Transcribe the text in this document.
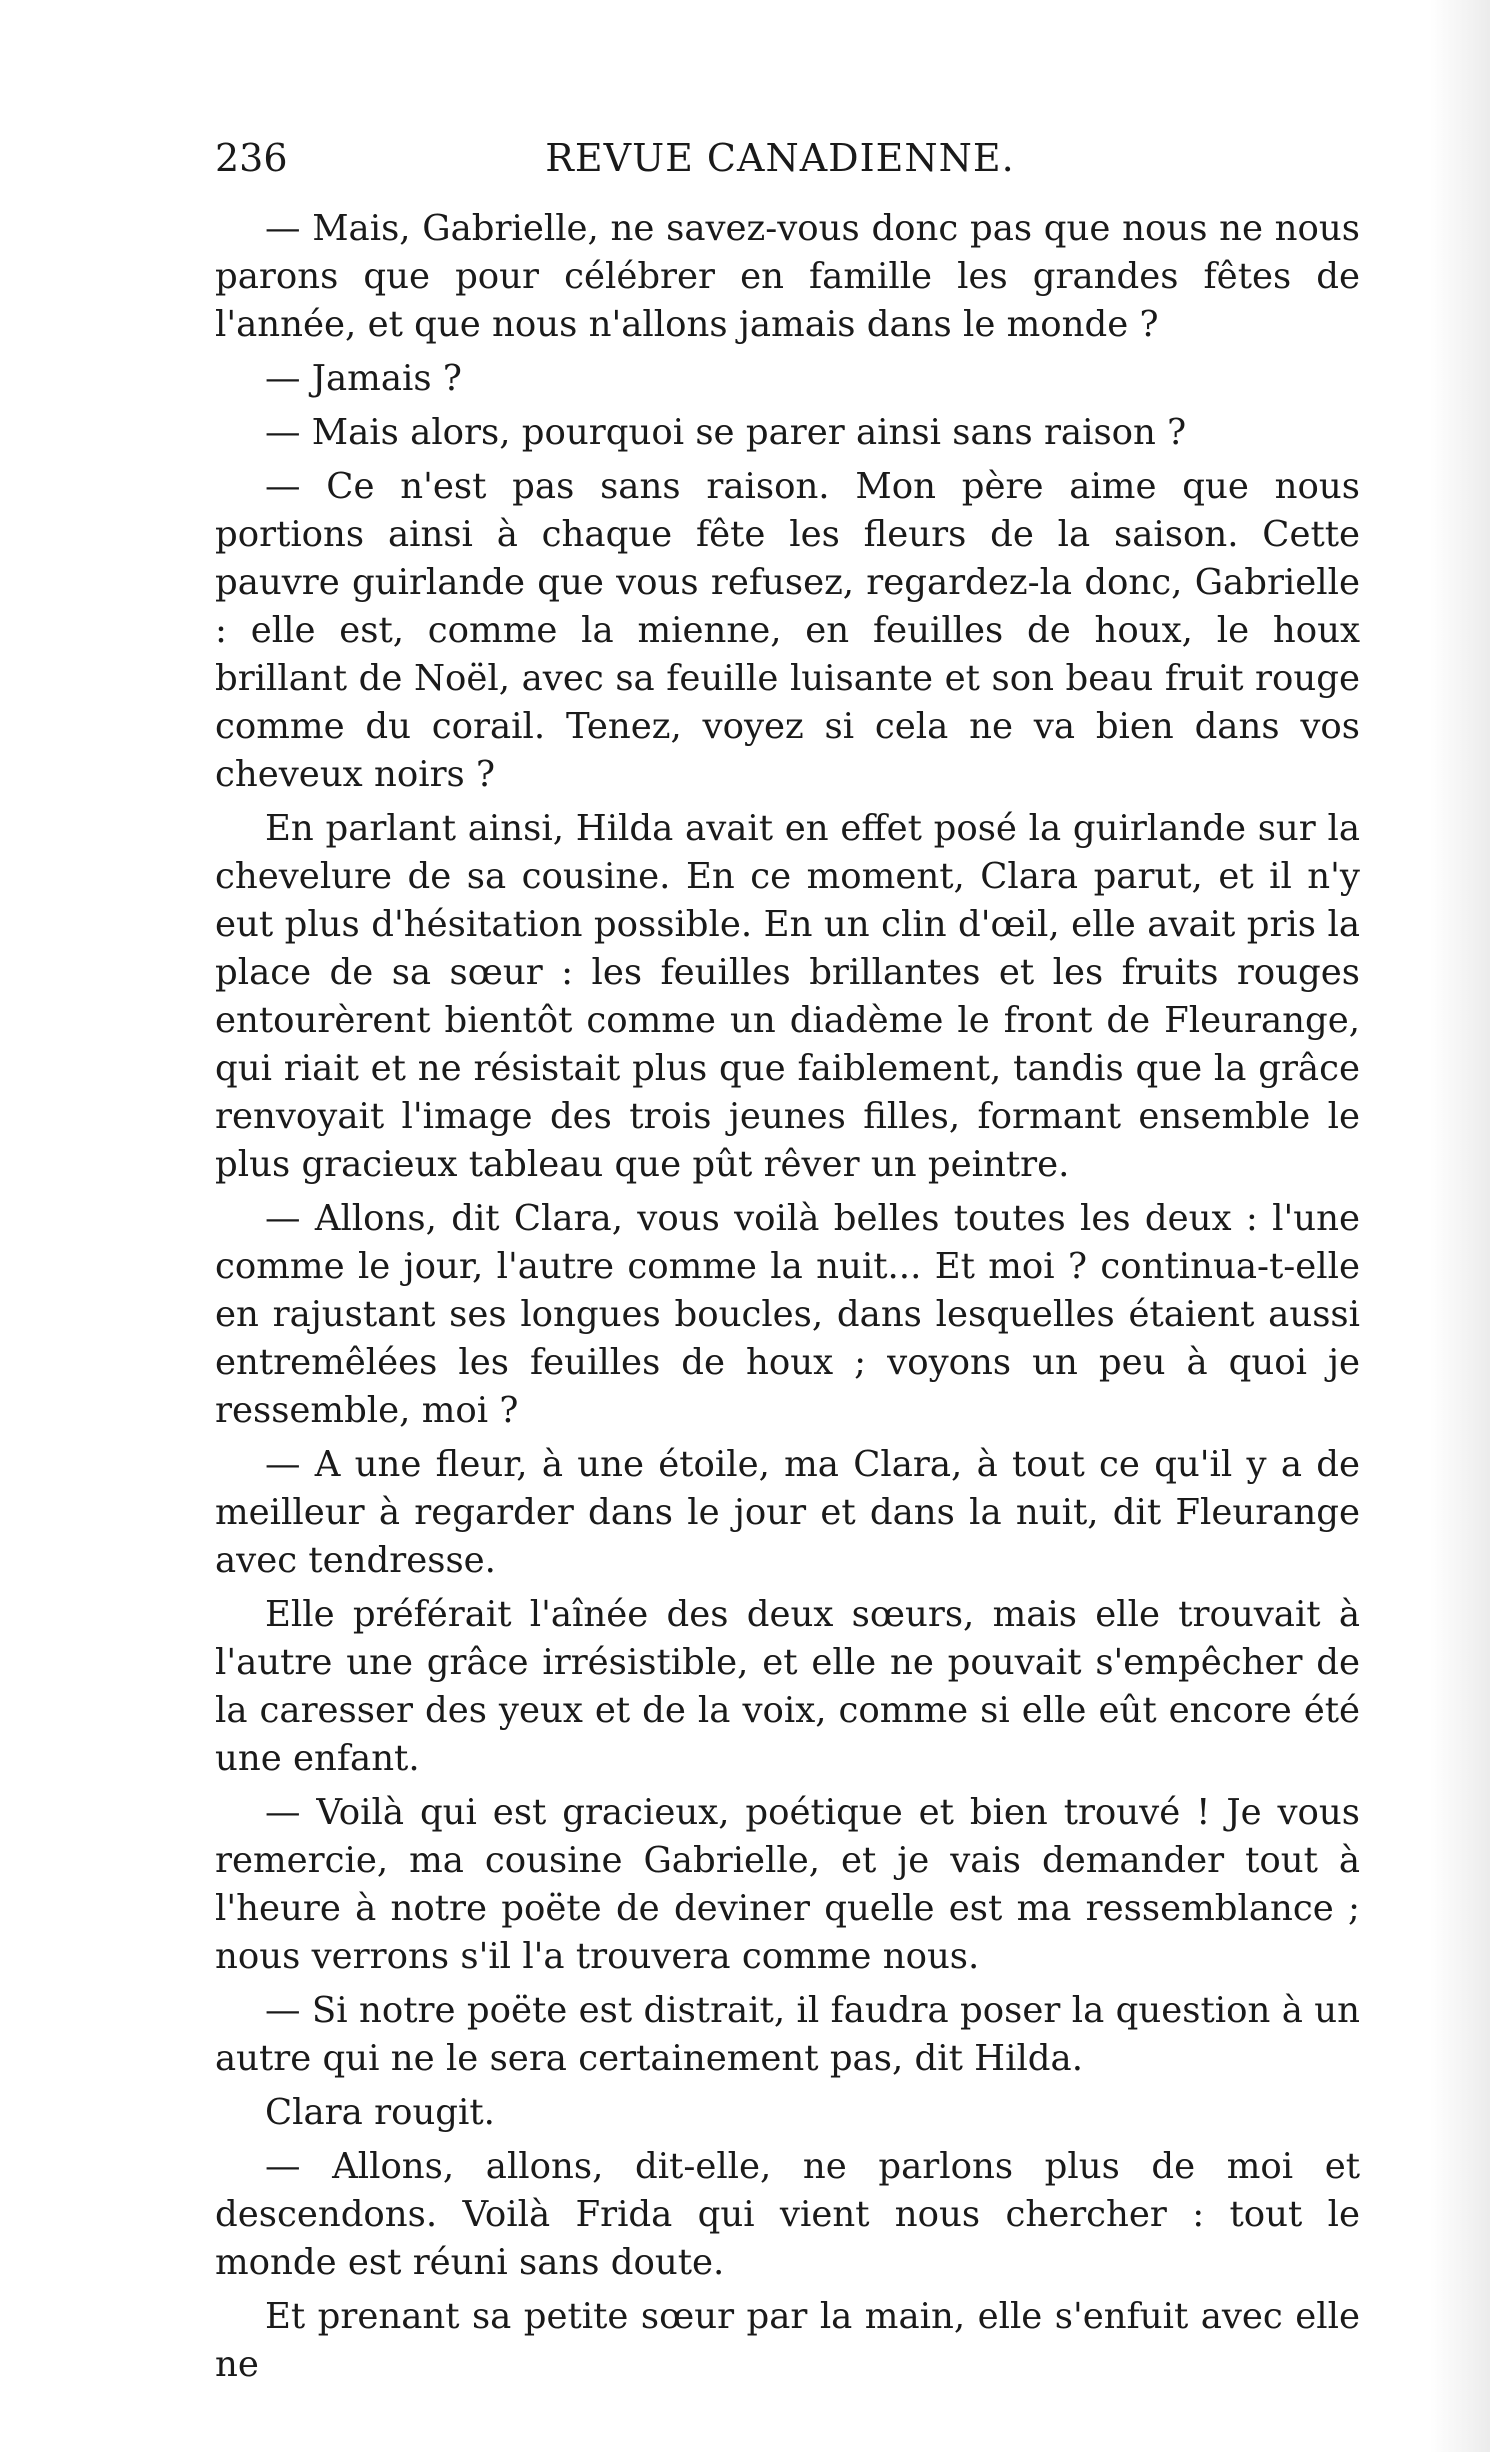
236	REVUE CANADIENNE.

— Mais, Gabrielle, ne savez-vous donc pas que nous ne nous parons que pour célébrer en famille les grandes fêtes de l'année, et que nous n'allons jamais dans le monde ?

— Jamais ?

— Mais alors, pourquoi se parer ainsi sans raison ?

— Ce n'est pas sans raison. Mon père aime que nous portions ainsi à chaque fête les fleurs de la saison. Cette pauvre guirlande que vous refusez, regardez-la donc, Gabrielle : elle est, comme la mienne, en feuilles de houx, le houx brillant de Noël, avec sa feuille luisante et son beau fruit rouge comme du corail. Tenez, voyez si cela ne va bien dans vos cheveux noirs ?

En parlant ainsi, Hilda avait en effet posé la guirlande sur la chevelure de sa cousine. En ce moment, Clara parut, et il n'y eut plus d'hésitation possible. En un clin d'œil, elle avait pris la place de sa sœur : les feuilles brillantes et les fruits rouges entourèrent bientôt comme un diadème le front de Fleurange, qui riait et ne résistait plus que faiblement, tandis que la grâce renvoyait l'image des trois jeunes filles, formant ensemble le plus gracieux tableau que pût rêver un peintre.

— Allons, dit Clara, vous voilà belles toutes les deux : l'une comme le jour, l'autre comme la nuit... Et moi ? continua-t-elle en rajustant ses longues boucles, dans lesquelles étaient aussi entremêlées les feuilles de houx ; voyons un peu à quoi je ressemble, moi ?

— A une fleur, à une étoile, ma Clara, à tout ce qu'il y a de meilleur à regarder dans le jour et dans la nuit, dit Fleurange avec tendresse.

Elle préférait l'aînée des deux sœurs, mais elle trouvait à l'autre une grâce irrésistible, et elle ne pouvait s'empêcher de la caresser des yeux et de la voix, comme si elle eût encore été une enfant.

— Voilà qui est gracieux, poétique et bien trouvé ! Je vous remercie, ma cousine Gabrielle, et je vais demander tout à l'heure à notre poëte de deviner quelle est ma ressemblance ; nous verrons s'il l'a trouvera comme nous.

— Si notre poëte est distrait, il faudra poser la question à un autre qui ne le sera certainement pas, dit Hilda.

Clara rougit.

— Allons, allons, dit-elle, ne parlons plus de moi et descendons. Voilà Frida qui vient nous chercher : tout le monde est réuni sans doute.

Et prenant sa petite sœur par la main, elle s'enfuit avec elle ne
